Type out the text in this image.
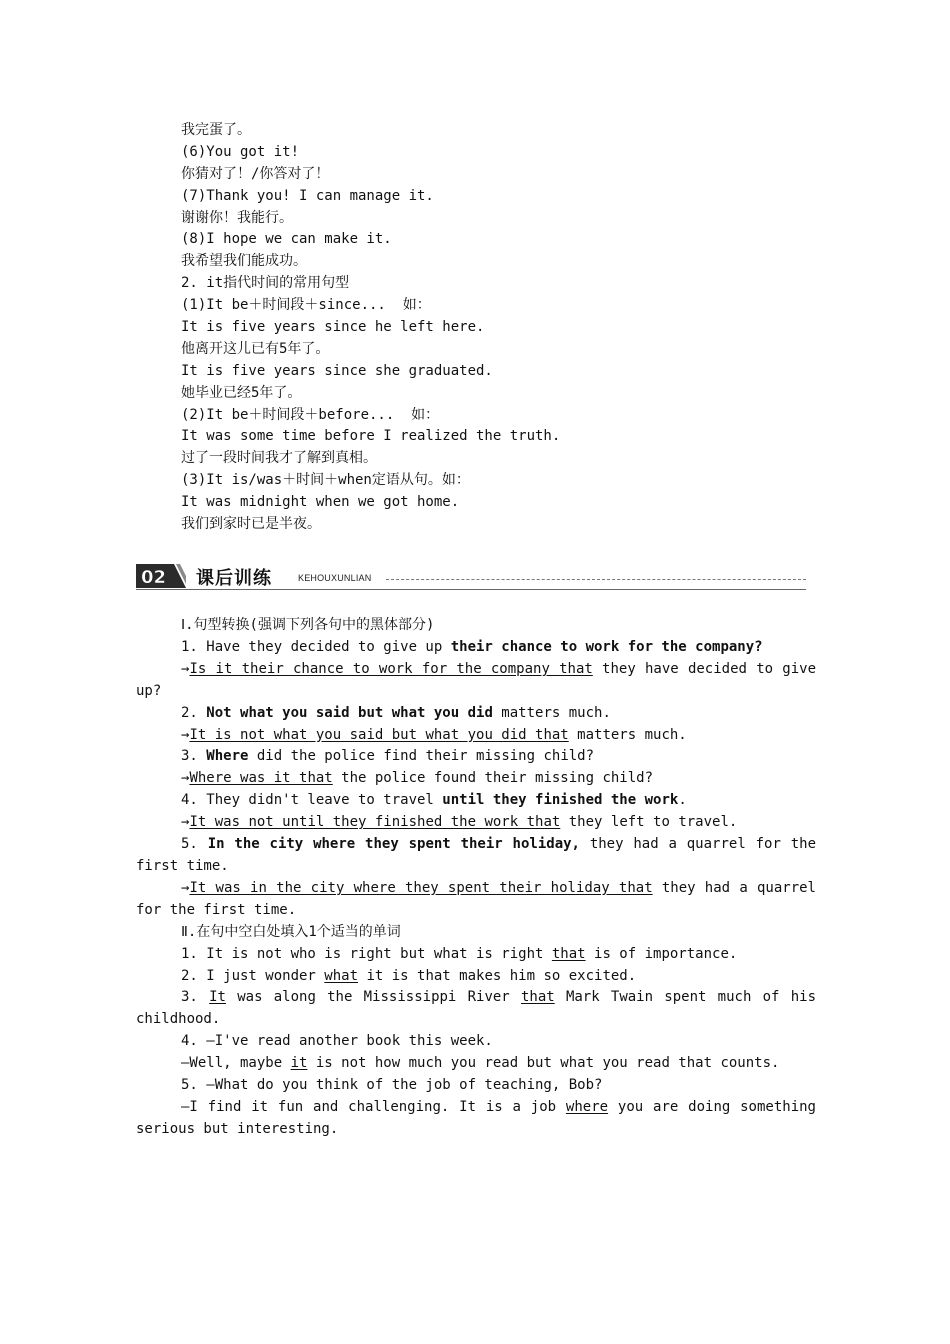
我完蛋了。
(6)You got it!
你猜对了！/你答对了！
(7)Thank you! I can manage it.
谢谢你！我能行。
(8)I hope we can make it.
我希望我们能成功。
2. it指代时间的常用句型
(1)It be＋时间段＋since...  如：
It is five years since he left here.
他离开这儿已有5年了。
It is five years since she graduated.
她毕业已经5年了。
(2)It be＋时间段＋before...  如：
It was some time before I realized the truth.
过了一段时间我才了解到真相。
(3)It is/was＋时间＋when定语从句。如：
It was midnight when we got home.
我们到家时已是半夜。
02 课后训练	KEHOUXUNLIAN
Ⅰ.句型转换(强调下列各句中的黑体部分)
1. Have they decided to give up their chance to work for the company?
→Is it their chance to work for the company that they have decided to give up?
2. Not what you said but what you did matters much.
→It is not what you said but what you did that matters much.
3. Where did the police find their missing child?
→Where was it that the police found their missing child?
4. They didn't leave to travel until they finished the work.
→It was not until they finished the work that they left to travel.
5. In the city where they spent their holiday, they had a quarrel for the first time.
→It was in the city where they spent their holiday that they had a quarrel for the first time.
Ⅱ.在句中空白处填入1个适当的单词
1. It is not who is right but what is right that is of importance.
2. I just wonder what it is that makes him so excited.
3. It was along the Mississippi River that Mark Twain spent much of his childhood.
4. —I've read another book this week.
—Well, maybe it is not how much you read but what you read that counts.
5. —What do you think of the job of teaching, Bob?
—I find it fun and challenging. It is a job where you are doing something serious but interesting.
